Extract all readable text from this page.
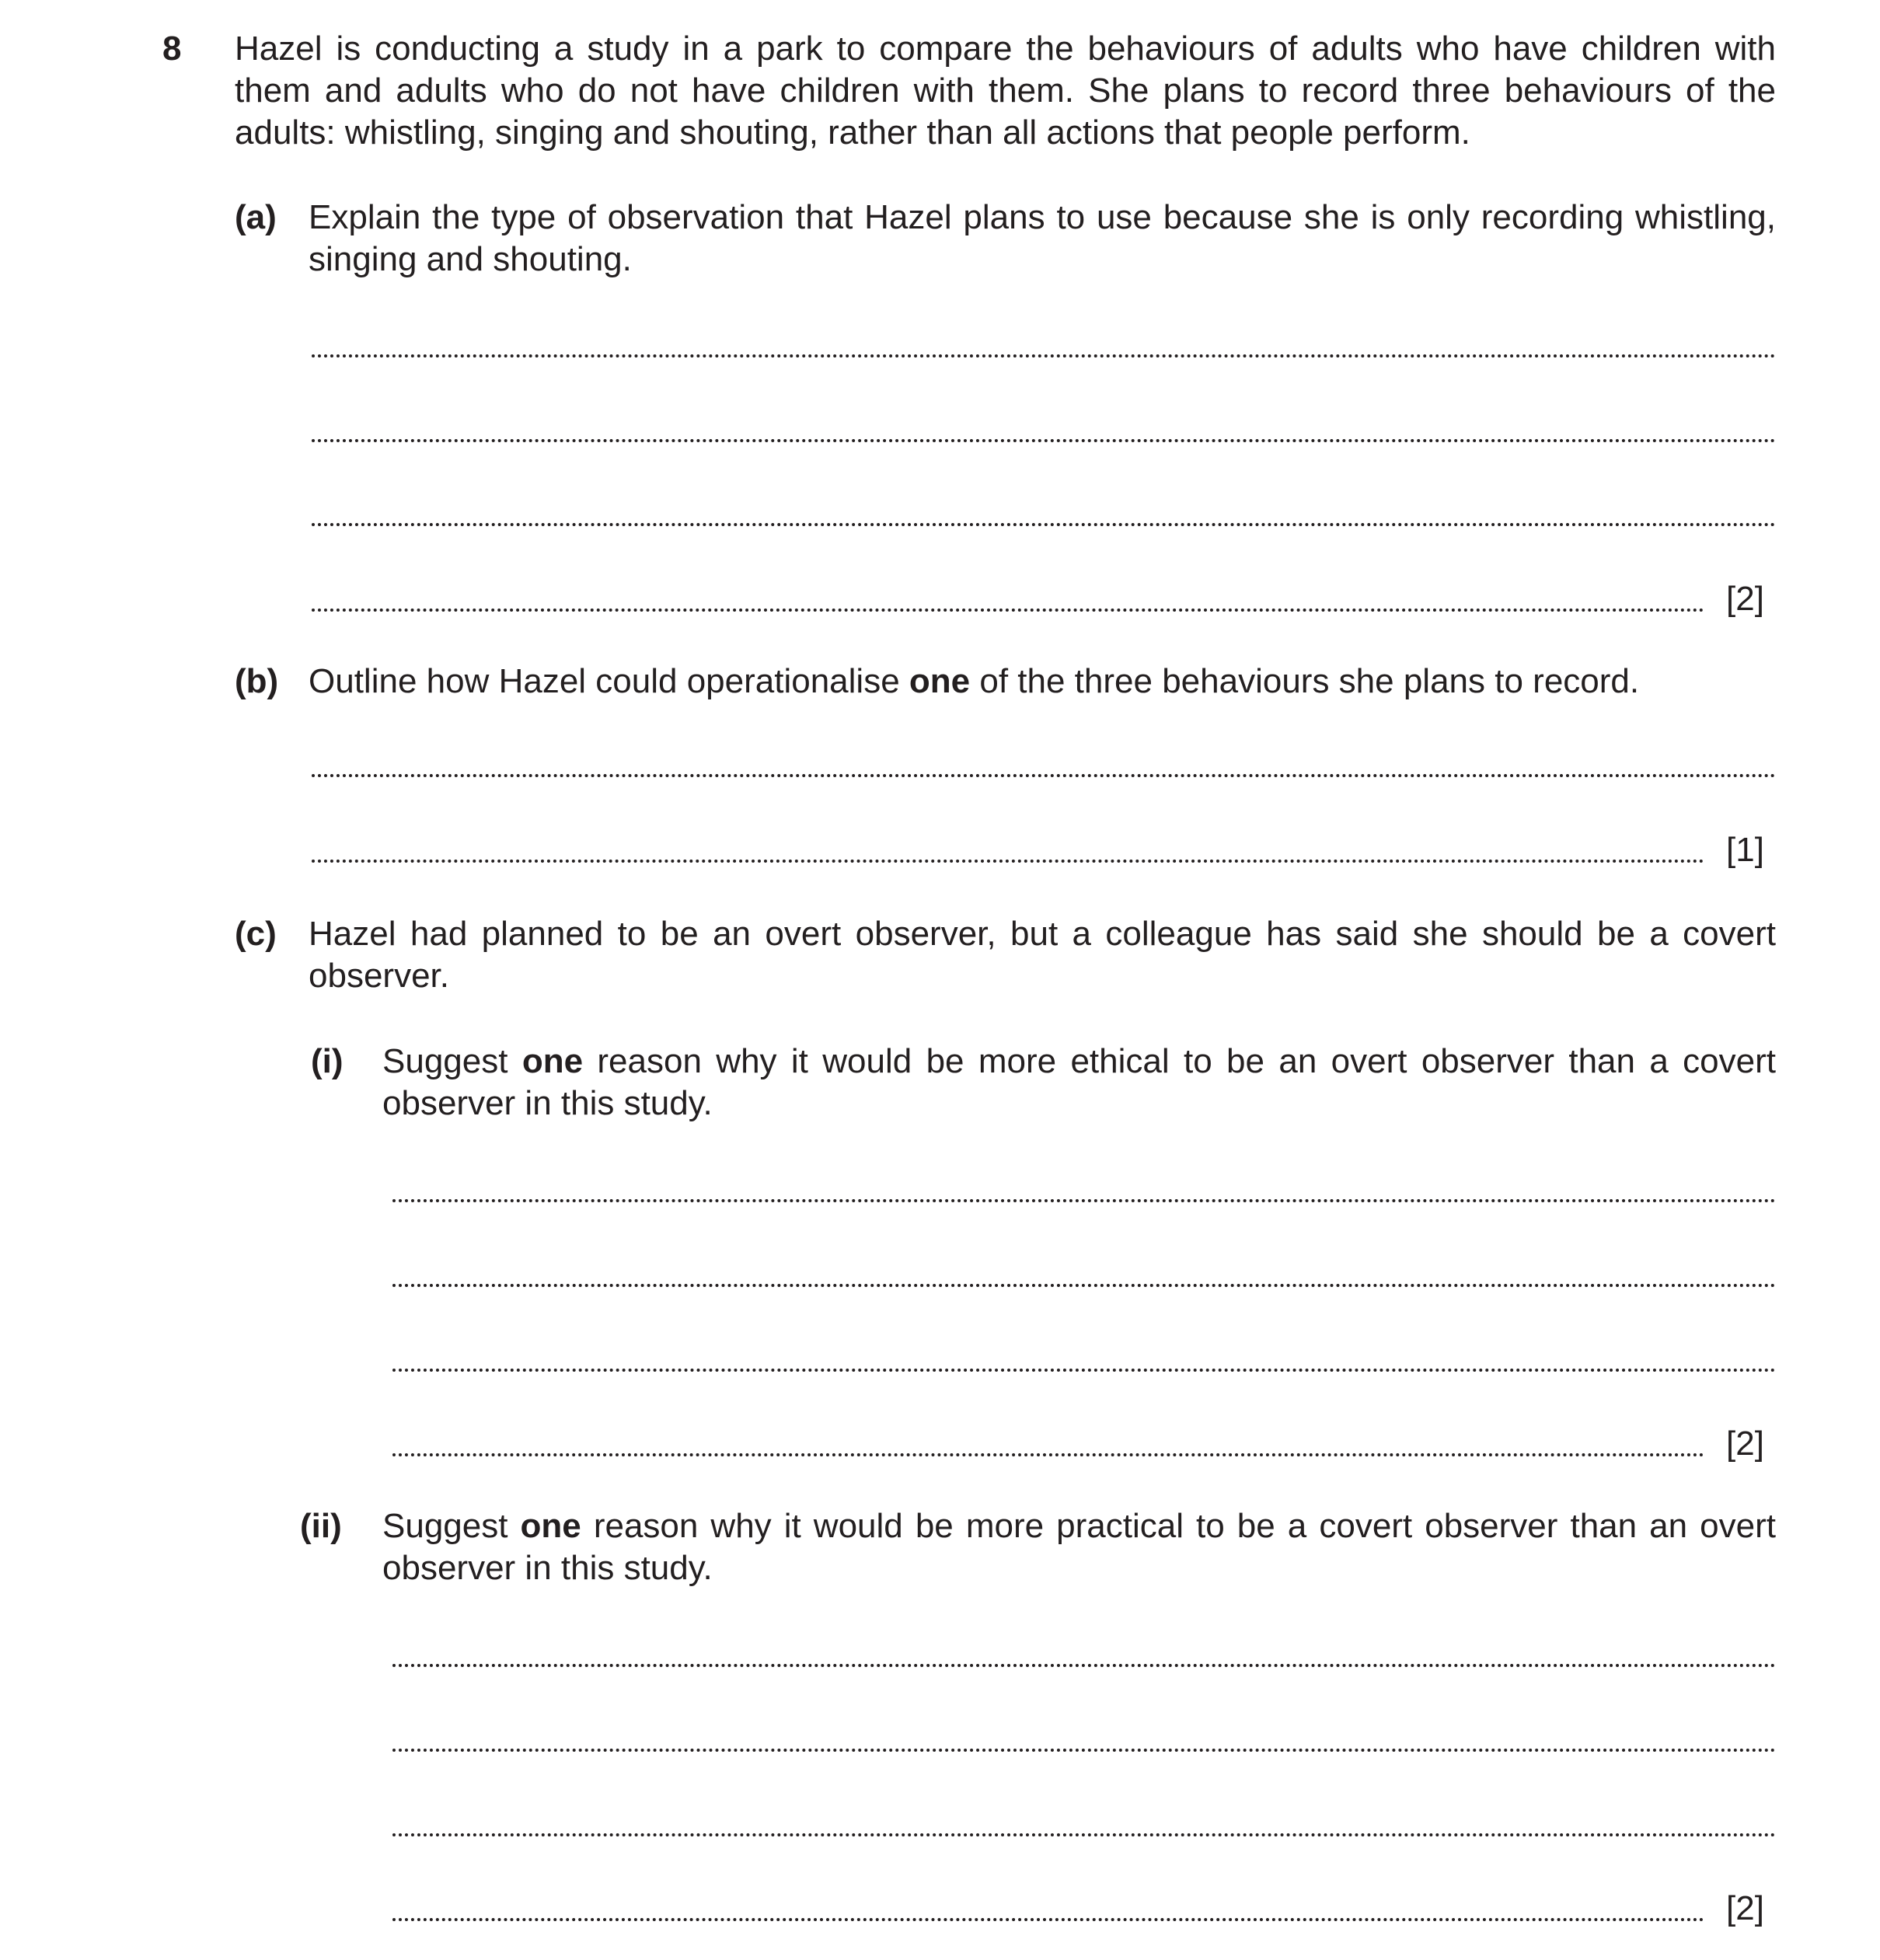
8 Hazel is conducting a study in a park to compare the behaviours of adults who have children with them and adults who do not have children with them. She plans to record three behaviours of the adults: whistling, singing and shouting, rather than all actions that people perform.

(a) Explain the type of observation that Hazel plans to use because she is only recording whistling, singing and shouting.

[2]
(b) Outline how Hazel could operationalise one of the three behaviours she plans to record.

[1]
(c) Hazel had planned to be an overt observer, but a colleague has said she should be a covert observer.

(i) Suggest one reason why it would be more ethical to be an overt observer than a covert observer in this study.

[2]
(ii) Suggest one reason why it would be more practical to be a covert observer than an overt observer in this study.

[2]
